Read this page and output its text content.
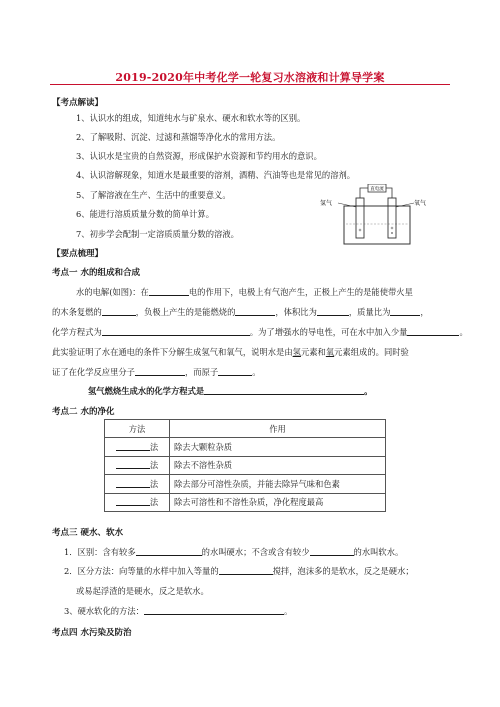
2019-2020年中考化学一轮复习水溶液和计算导学案
【考点解读】
1、认识水的组成，知道纯水与矿泉水、硬水和软水等的区别。
2、了解吸附、沉淀、过滤和蒸馏等净化水的常用方法。
3、认识水是宝贵的自然资源，形成保护水资源和节约用水的意识。
4、认识溶解现象，知道水是最重要的溶剂，酒精、汽油等也是常见的溶剂。
5、了解溶液在生产、生活中的重要意义。
6、能进行溶质质量分数的简单计算。
7、初步学会配制一定溶质质量分数的溶液。
直电流
氢气	氧气
【要点梳理】
考点一 水的组成和合成
水的电解(如图)：在	电的作用下，电极上有气泡产生，正极上产生的是能使带火星
的木条复燃的	，负极上产生的是能燃烧的	，体积比为	，质量比为	，
化学方程式为	。为了增强水的导电性，可在水中加入少量	。
此实验证明了水在通电的条件下分解生成氢气和氧气，说明水是由氢元素和氧元素组成的。同时验
证了在化学反应里分子	，而原子	。
氢气燃烧生成水的化学方程式是	。
考点二 水的净化
方法	作用
法	除去大颗粒杂质
法	除去不溶性杂质
法	除去部分可溶性杂质，并能去除异气味和色素
法	除去可溶性和不溶性杂质，净化程度最高
考点三 硬水、软水
1．区别：含有较多	的水叫硬水；不含或含有较少	的水叫软水。
2．区分方法：向等量的水样中加入等量的	搅拌，泡沫多的是软水，反之是硬水；
或易起浮渣的是硬水，反之是软水。
3、硬水软化的方法：	。
考点四 水污染及防治
